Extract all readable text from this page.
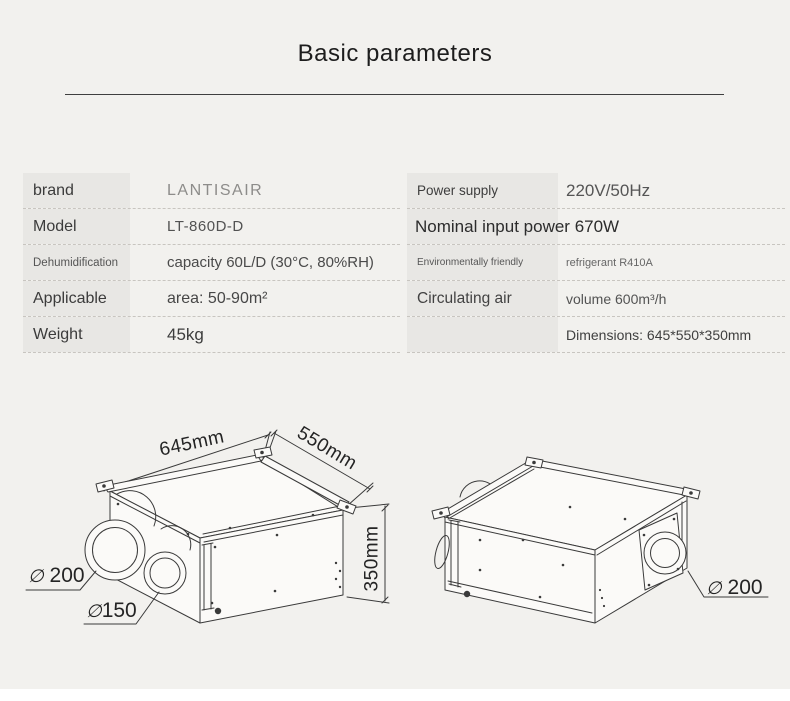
Basic parameters
brand	LANTISAIR
Model	LT-860D-D
Dehumidification	capacity 60L/D (30°C, 80%RH)
Applicable	area: 50-90m²
Weight	45kg
Power supply	220V/50Hz
Nominal input power 670W
Environmentally friendly	refrigerant R410A
Circulating air	volume 600m³/h
Dimensions: 645*550*350mm
645mm	550mm
350mm
∅ 200
∅150
∅ 200
